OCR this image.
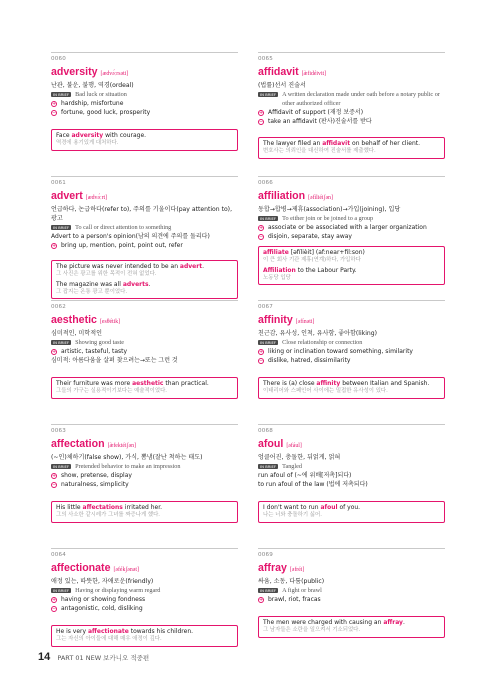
0060
adversity [ædvə́ːrsəti]
난관, 불운, 불행, 역경(ordeal)
IN BRIEF Bad luck or situation
+ hardship, misfortune
− fortune, good luck, prosperity
Face adversity with courage.
역경에 용기있게 대처하다.
0061
advert [ædvə́ːrt]
언급하다, 논급하다(refer to), 주의를 기울이다(pay attention to), 광고
IN BRIEF To call or direct attention to something
Advert to a person's opinion(남의 의견에 주의를 돌리다)
+ bring up, mention, point, point out, refer
The picture was never intended to be an advert.
그 사진은 광고를 위한 목적이 전혀 없었다.
The magazine was all adverts.
그 잡지는 온통 광고 뿐이었다.
0062
aesthetic [esθétik]
심미적인, 미학적인
IN BRIEF Showing good taste
+ artistic, tasteful, tasty
심미적: 아름다움을 살펴 찾으려는→또는 그런 것
Their furniture was more aesthetic than practical.
그들의 가구는 실용적이기보다는 예술적이었다.
0063
affectation [æ̀fektéiʃən]
(~인)체하기(false show), 가식, 뽐냄(잘난 척하는 태도)
IN BRIEF Pretended behavior to make an impression
+ show, pretense, display
− naturalness, simplicity
His little affectations irritated her.
그의 사소한 같시레가 그녀를 짜증나게 했다.
0064
affectionate [əfékʃənət]
애정 있는, 따뜻한, 자애로운(friendly)
IN BRIEF Having or displaying warm regard
+ having or showing fondness
− antagonistic, cold, disliking
He is very affectionate towards his children.
그는 자신의 아이들에 대해 매우 애정이 깊다.
0065
affidavit [æ̀fidéivit]
(법률)선서 진술서
IN BRIEF A written declaration made under oath before a notary public or other authorized officer
+ Affidavit of support (재정 보증서)
− take an affidavit (판사)진술서를 받다
The lawyer filed an affidavit on behalf of her client.
변호사는 의뢰인을 대신하여 진술서를 제출했다.
0066
affiliation [əfìliéiʃən]
동합→합병→제휴(association)→가입(joining), 입당
IN BRIEF To either join or be joined to a group
+ associate or be associated with a larger organization
− disjoin, separate, stay away
affiliate [əfílièit] (af:near+fil:son)
이 큰 회사 기관 제휴(연계)하다, 가입하다
Affiliation to the Labour Party.
노동당 입당
0067
affinity [əfínəti]
친근감, 유사성, 인척, 유사함, 좋아함(liking)
IN BRIEF Close relationship or connection
+ liking or inclination toward something, similarity
− dislike, hatred, dissimilarity
There is (a) close affinity between Italian and Spanish.
이태리어와 스페인어 사이에는 밀접한 유사성이 있다.
0068
afoul [əfául]
엉클어진, 충돌한, 뒤얽게, 얽혀
IN BRIEF Tangled
run afoul of (~에 위배[저촉]되다)
to run afoul of the law (법에 저촉되다)
I don't want to run afoul of you.
나는 너와 충돌하기 싫어.
0069
affray [əfréi]
싸움, 소동, 다툼(public)
IN BRIEF A fight or brawl
+ brawl, riot, fracas
The men were charged with causing an affray.
그 남자들은 소란을 일으켜서 기소되었다.
14 PART 01 NEW 보카니오 적중편
